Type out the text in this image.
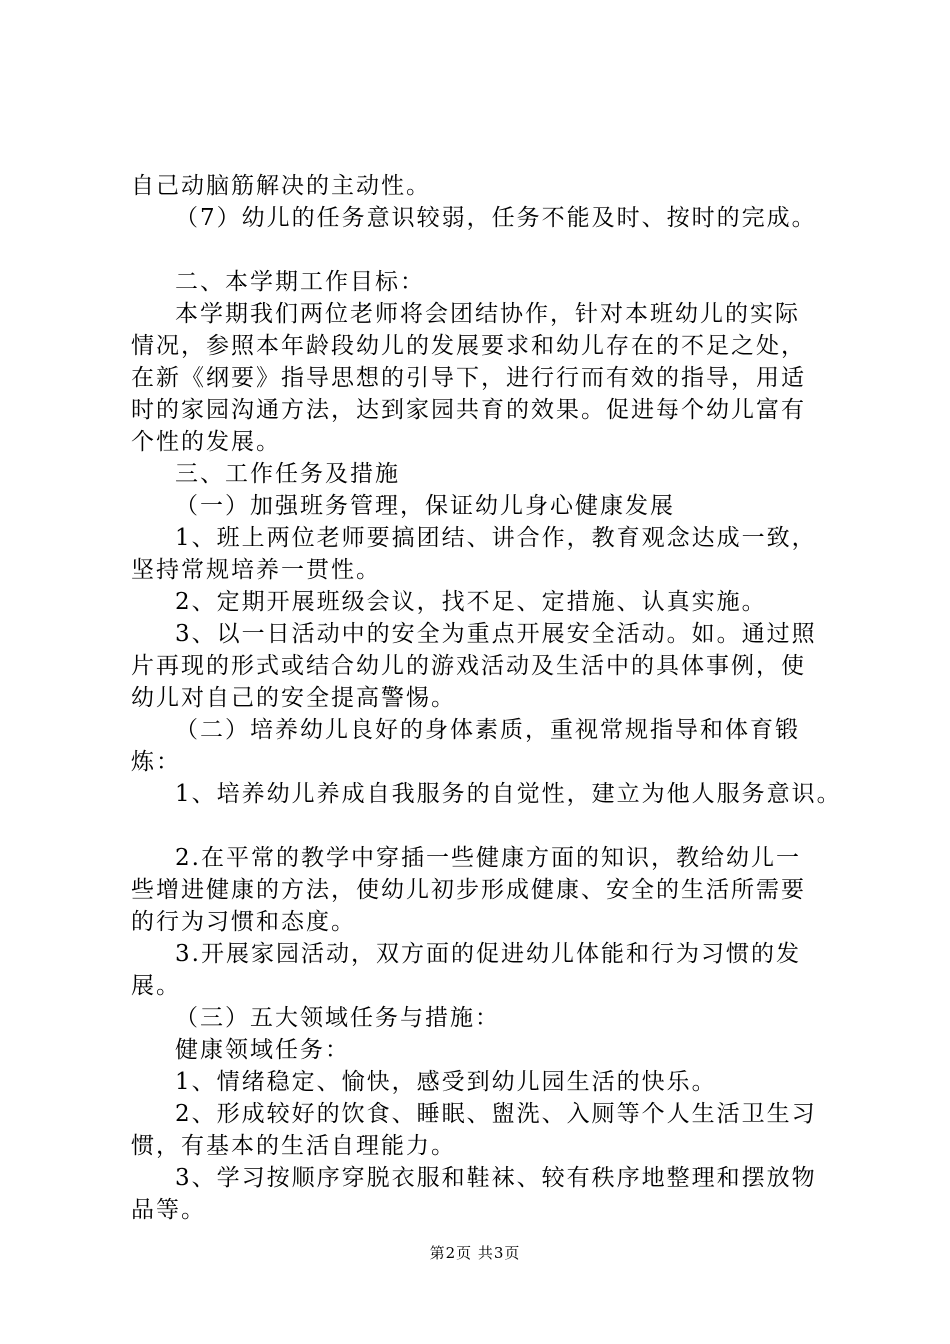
自己动脑筋解决的主动性。
（7）幼儿的任务意识较弱，任务不能及时、按时的完成。
二、本学期工作目标：
本学期我们两位老师将会团结协作，针对本班幼儿的实际
情况，参照本年龄段幼儿的发展要求和幼儿存在的不足之处，
在新《纲要》指导思想的引导下，进行行而有效的指导，用适
时的家园沟通方法，达到家园共育的效果。促进每个幼儿富有
个性的发展。
三、工作任务及措施
（一）加强班务管理，保证幼儿身心健康发展
1、班上两位老师要搞团结、讲合作，教育观念达成一致，
坚持常规培养一贯性。
2、定期开展班级会议，找不足、定措施、认真实施。
3、以一日活动中的安全为重点开展安全活动。如。通过照
片再现的形式或结合幼儿的游戏活动及生活中的具体事例，使
幼儿对自己的安全提高警惕。
（二）培养幼儿良好的身体素质，重视常规指导和体育锻
炼：
1、培养幼儿养成自我服务的自觉性，建立为他人服务意识。
2.在平常的教学中穿插一些健康方面的知识，教给幼儿一
些增进健康的方法，使幼儿初步形成健康、安全的生活所需要
的行为习惯和态度。
3.开展家园活动，双方面的促进幼儿体能和行为习惯的发
展。
（三）五大领域任务与措施：
健康领域任务：
1、情绪稳定、愉快，感受到幼儿园生活的快乐。
2、形成较好的饮食、睡眠、盥洗、入厕等个人生活卫生习
惯，有基本的生活自理能力。
3、学习按顺序穿脱衣服和鞋袜、较有秩序地整理和摆放物
品等。
第2页 共3页
